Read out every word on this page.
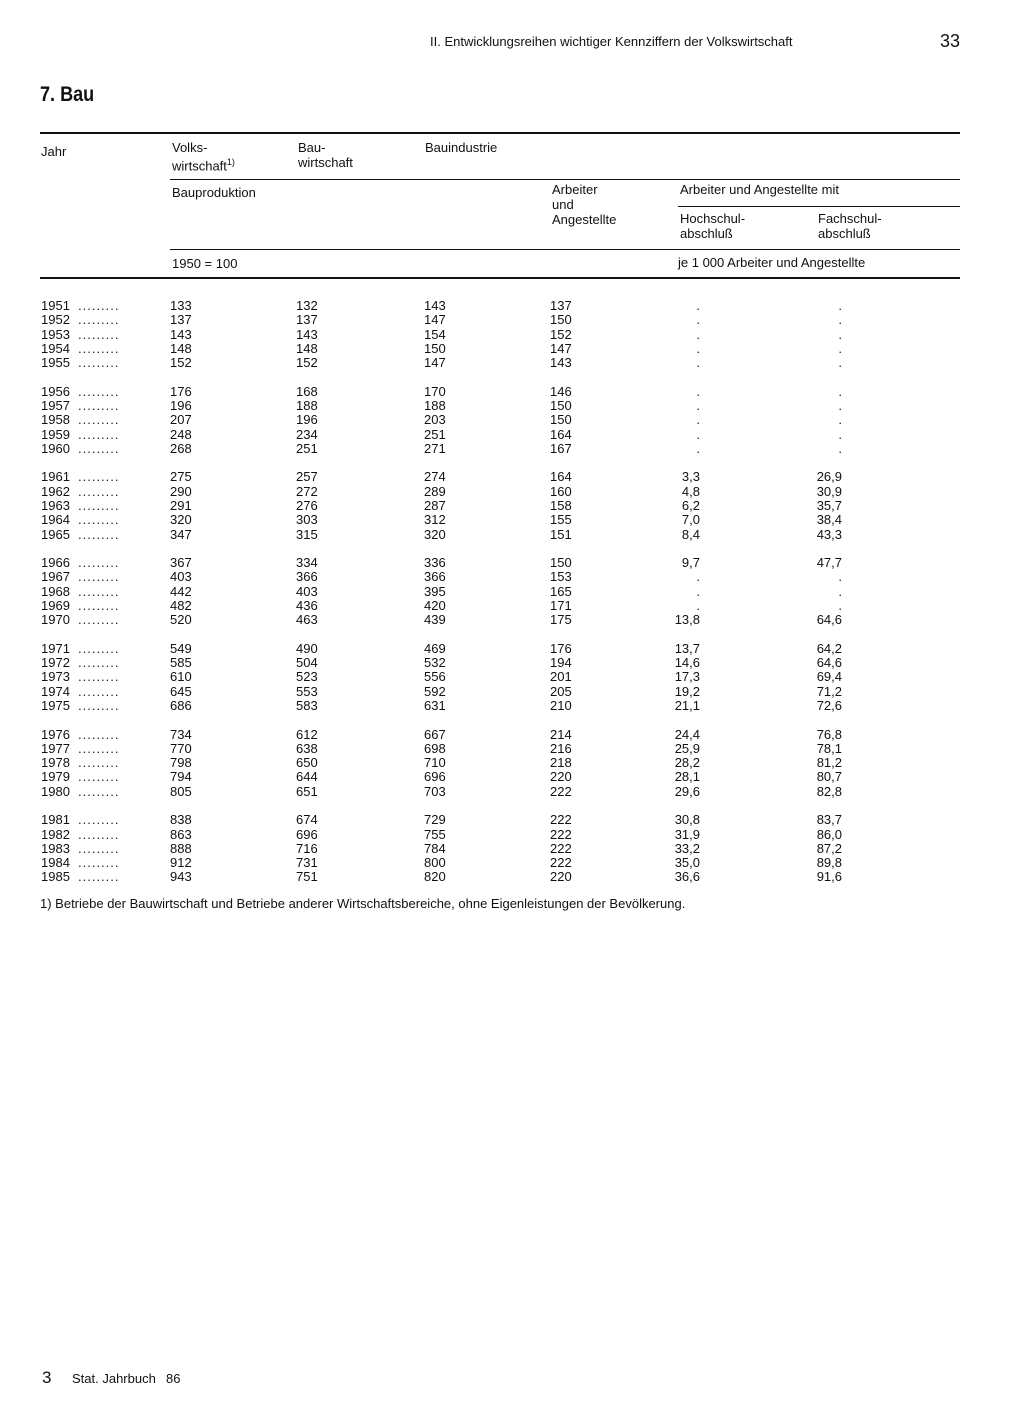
II. Entwicklungsreihen wichtiger Kennziffern der Volkswirtschaft	33
7. Bau
Jahr	Volks-
wirtschaft$^{1)}$
Bau-
wirtschaft
Bauindustrie
Bauproduktion	Arbeiter
und
Angestellte
Arbeiter und Angestellte mit
Hochschul-
abschluß
Fachschul-
abschluß
1950 = 100	je 1 000 Arbeiter und Angestellte
1951 .........	133	132	143	137	.	.
1952 .........	137	137	147	150	.	.
1953 .........	143	143	154	152	.	.
1954 .........	148	148	150	147	.	.
1955 .........	152	152	147	143	.	.
1956 .........	176	168	170	146	.	.
1957 .........	196	188	188	150	.	.
1958 .........	207	196	203	150	.	.
1959 .........	248	234	251	164	.	.
1960 .........	268	251	271	167	.	.
1961 .........	275	257	274	164	3,3	26,9
1962 .........	290	272	289	160	4,8	30,9
1963 .........	291	276	287	158	6,2	35,7
1964 .........	320	303	312	155	7,0	38,4
1965 .........	347	315	320	151	8,4	43,3
1966 .........	367	334	336	150	9,7	47,7
1967 .........	403	366	366	153	.	.
1968 .........	442	403	395	165	.	.
1969 .........	482	436	420	171	.	.
1970 .........	520	463	439	175	13,8	64,6
1971 .........	549	490	469	176	13,7	64,2
1972 .........	585	504	532	194	14,6	64,6
1973 .........	610	523	556	201	17,3	69,4
1974 .........	645	553	592	205	19,2	71,2
1975 .........	686	583	631	210	21,1	72,6
1976 .........	734	612	667	214	24,4	76,8
1977 .........	770	638	698	216	25,9	78,1
1978 .........	798	650	710	218	28,2	81,2
1979 .........	794	644	696	220	28,1	80,7
1980 .........	805	651	703	222	29,6	82,8
1981 .........	838	674	729	222	30,8	83,7
1982 .........	863	696	755	222	31,9	86,0
1983 .........	888	716	784	222	33,2	87,2
1984 .........	912	731	800	222	35,0	89,8
1985 .........	943	751	820	220	36,6	91,6
1) Betriebe der Bauwirtschaft und Betriebe anderer Wirtschaftsbereiche, ohne Eigenleistungen der Bevölkerung.
3 Stat. Jahrbuch 86
